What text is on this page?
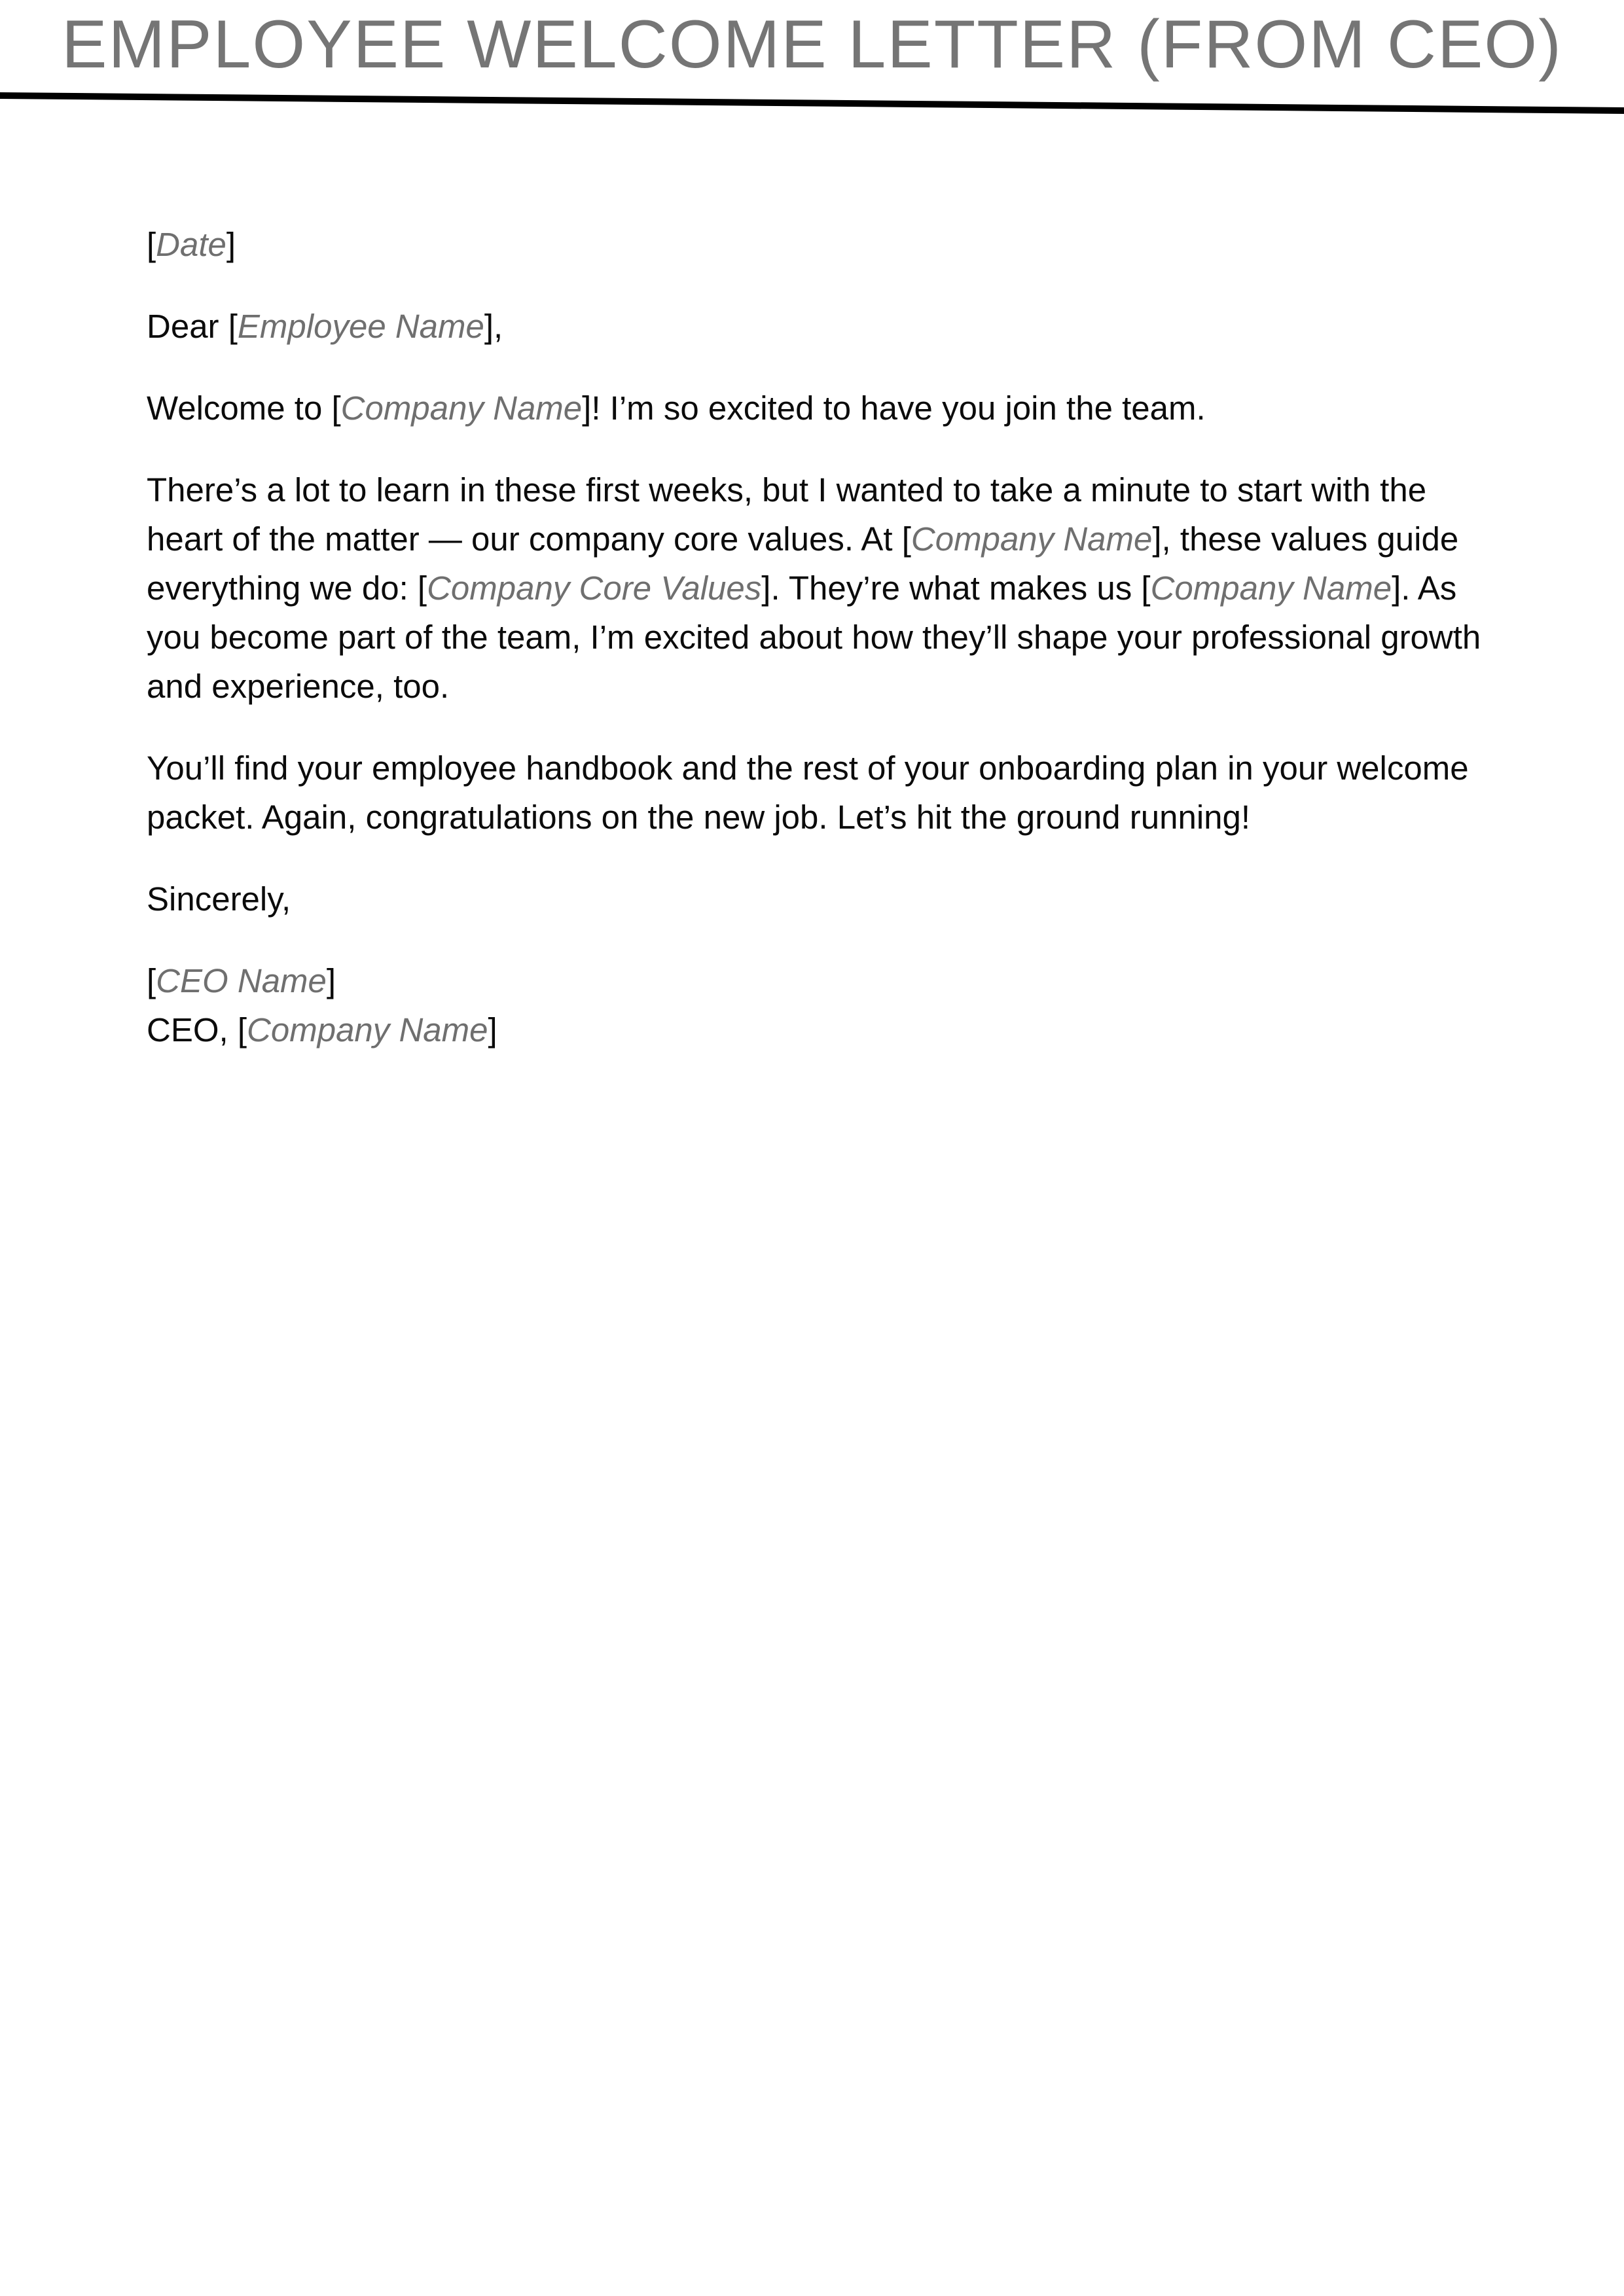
EMPLOYEE WELCOME LETTER (FROM CEO)

[Date]

Dear [Employee Name],

Welcome to [Company Name]! I’m so excited to have you join the team.

There’s a lot to learn in these first weeks, but I wanted to take a minute to start with the heart of the matter — our company core values. At [Company Name], these values guide everything we do: [Company Core Values]. They’re what makes us [Company Name]. As you become part of the team, I’m excited about how they’ll shape your professional growth and experience, too.

You’ll find your employee handbook and the rest of your onboarding plan in your welcome packet. Again, congratulations on the new job. Let’s hit the ground running!

Sincerely,

[CEO Name]
CEO, [Company Name]
